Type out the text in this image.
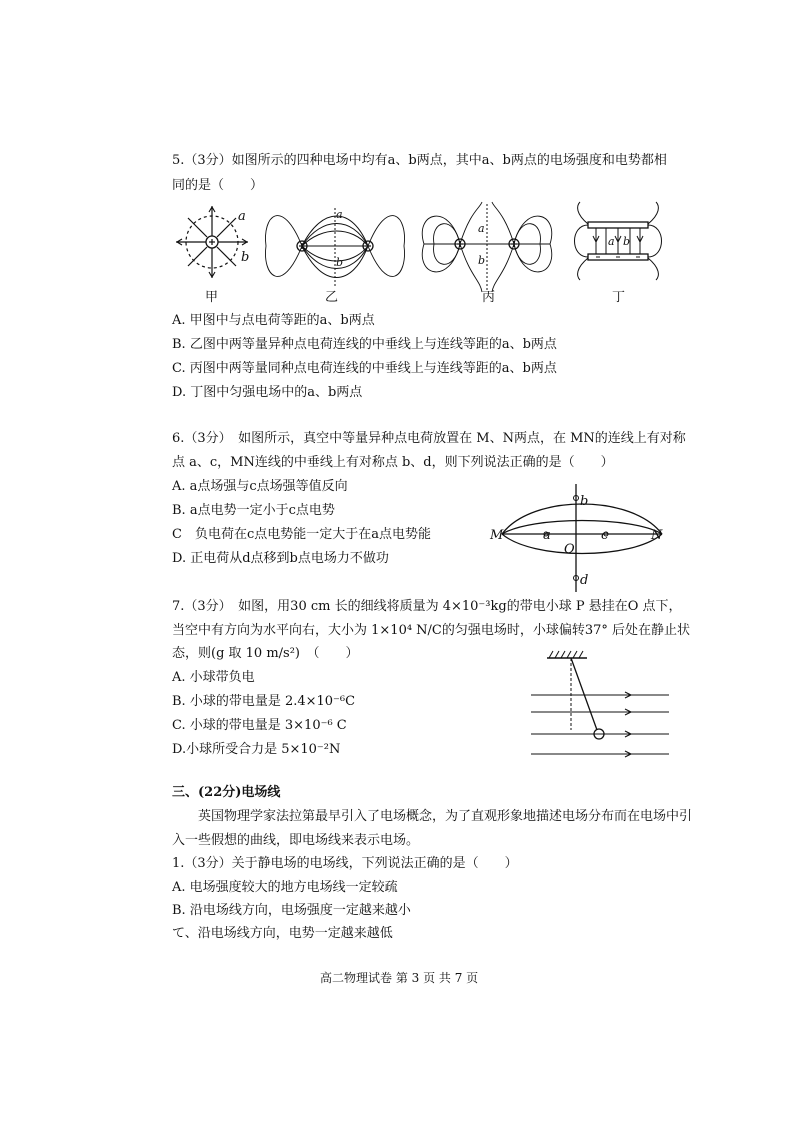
5.（3分）如图所示的四种电场中均有a、b两点，其中a、b两点的电场强度和电势都相
同的是（　　）
a
b
甲
a
b
乙
a
b
丙
a b
丁
A. 甲图中与点电荷等距的a、b两点
B. 乙图中两等量异种点电荷连线的中垂线上与连线等距的a、b两点
C. 丙图中两等量同种点电荷连线的中垂线上与连线等距的a、b两点
D. 丁图中匀强电场中的a、b两点
6.（3分）　如图所示，真空中等量异种点电荷放置在 M、N两点，在 MN的连线上有对称
点 a、c，MN连线的中垂线上有对称点 b、d，则下列说法正确的是（　　）
A. a点场强与c点场强等值反向
B. a点电势一定小于c点电势
C　负电荷在c点电势能一定大于在a点电势能
D. 正电荷从d点移到b点电场力不做功
M	N
a	c
b
d
O
7.（3分）　如图，用30 cm 长的细线将质量为 4×10⁻³kg的带电小球 P 悬挂在O 点下，
当空中有方向为水平向右，大小为 1×10⁴ N/C的匀强电场时，小球偏转37° 后处在静止状
态，则(g 取 10 m/s²)　（　　）
A. 小球带负电
B. 小球的带电量是 2.4×10⁻⁶C
C. 小球的带电量是 3×10⁻⁶ C
D.小球所受合力是 5×10⁻²N
三、(22分)电场线
　　英国物理学家法拉第最早引入了电场概念，为了直观形象地描述电场分布而在电场中引
入一些假想的曲线，即电场线来表示电场。
1.（3分）关于静电场的电场线，下列说法正确的是（　　）
A. 电场强度较大的地方电场线一定较疏
B. 沿电场线方向，电场强度一定越来越小
て、沿电场线方向，电势一定越来越低
高二物理试卷 第 3 页 共 7 页
